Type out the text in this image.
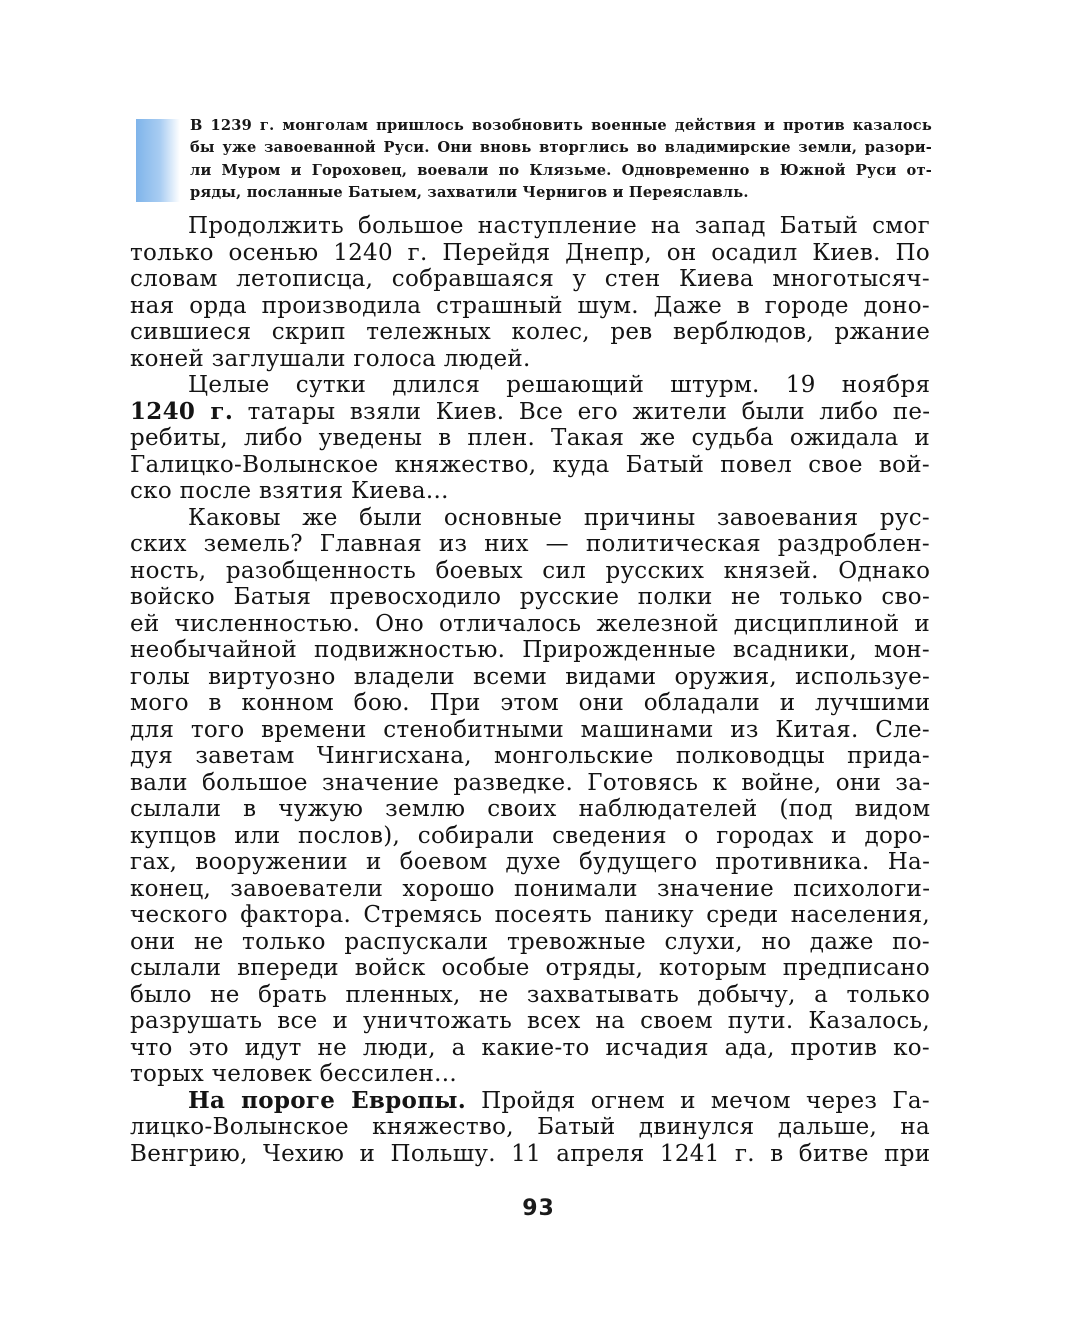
В 1239 г. монголам пришлось возобновить военные действия и против казалось
бы уже завоеванной Руси. Они вновь вторглись во владимирские земли, разори-
ли Муром и Гороховец, воевали по Клязьме. Одновременно в Южной Руси от-
ряды, посланные Батыем, захватили Чернигов и Переяславль.
Продолжить большое наступление на запад Батый смог
только осенью 1240 г. Перейдя Днепр, он осадил Киев. По
словам летописца, собравшаяся у стен Киева многотысяч-
ная орда производила страшный шум. Даже в городе доно-
сившиеся скрип тележных колес, рев верблюдов, ржание
коней заглушали голоса людей.
Целые сутки длился решающий штурм. 19 ноября
1240 г. татары взяли Киев. Все его жители были либо пе-
ребиты, либо уведены в плен. Такая же судьба ожидала и
Галицко-Волынское княжество, куда Батый повел свое вой-
ско после взятия Киева...
Каковы же были основные причины завоевания рус-
ских земель? Главная из них — политическая раздроблен-
ность, разобщенность боевых сил русских князей. Однако
войско Батыя превосходило русские полки не только сво-
ей численностью. Оно отличалось железной дисциплиной и
необычайной подвижностью. Прирожденные всадники, мон-
голы виртуозно владели всеми видами оружия, используе-
мого в конном бою. При этом они обладали и лучшими
для того времени стенобитными машинами из Китая. Сле-
дуя заветам Чингисхана, монгольские полководцы прида-
вали большое значение разведке. Готовясь к войне, они за-
сылали в чужую землю своих наблюдателей (под видом
купцов или послов), собирали сведения о городах и доро-
гах, вооружении и боевом духе будущего противника. На-
конец, завоеватели хорошо понимали значение психологи-
ческого фактора. Стремясь посеять панику среди населения,
они не только распускали тревожные слухи, но даже по-
сылали впереди войск особые отряды, которым предписано
было не брать пленных, не захватывать добычу, а только
разрушать все и уничтожать всех на своем пути. Казалось,
что это идут не люди, а какие-то исчадия ада, против ко-
торых человек бессилен...
На пороге Европы. Пройдя огнем и мечом через Га-
лицко-Волынское княжество, Батый двинулся дальше, на
Венгрию, Чехию и Польшу. 11 апреля 1241 г. в битве при
93
